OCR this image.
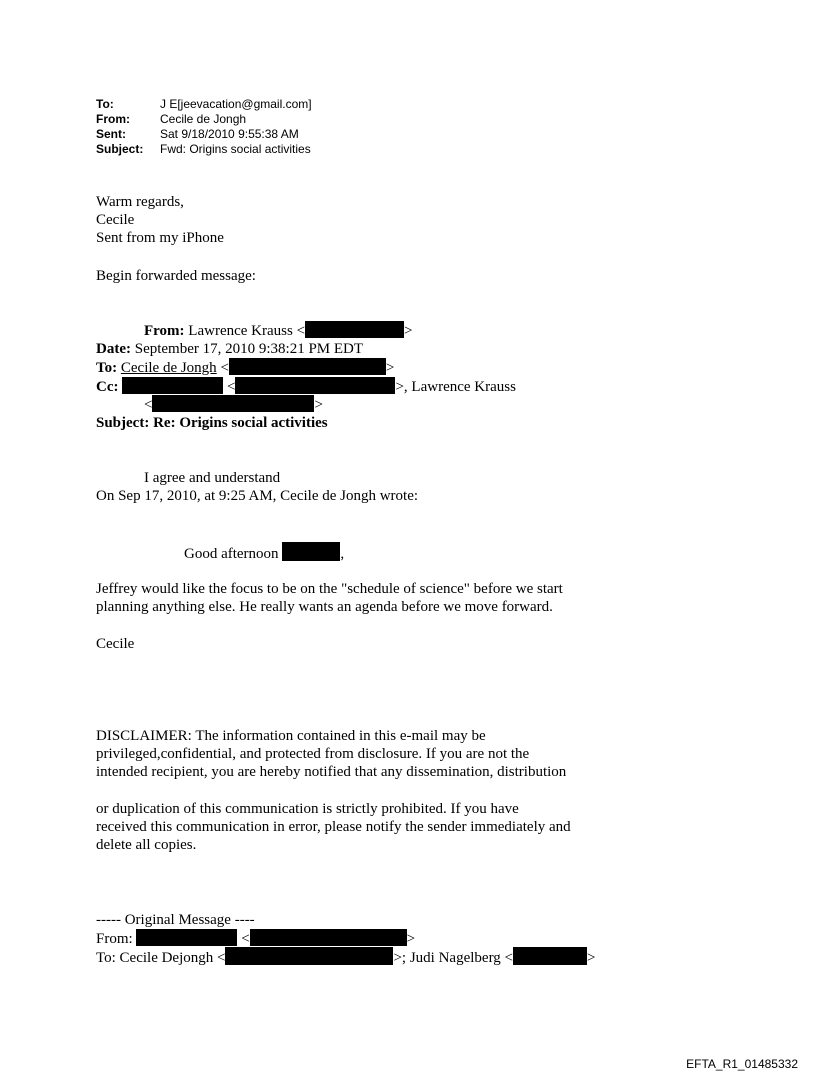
To:	J E[jeevacation@gmail.com]
From:	Cecile de Jongh
Sent:	Sat 9/18/2010 9:55:38 AM
Subject: Fwd: Origins social activities
Warm regards,
Cecile
Sent from my iPhone
Begin forwarded message:
From: Lawrence Krauss <	>
Date: September 17, 2010 9:38:21 PM EDT
To: Cecile de Jongh <	>
Cc:	<	>, Lawrence Krauss
<	>
Subject: Re: Origins social activities
I agree and understand
On Sep 17, 2010, at 9:25 AM, Cecile de Jongh wrote:
Good afternoon	,
Jeffrey would like the focus to be on the "schedule of science" before we start
planning anything else. He really wants an agenda before we move forward.
Cecile
DISCLAIMER: The information contained in this e-mail may be
privileged,confidential, and protected from disclosure. If you are not the
intended recipient, you are hereby notified that any dissemination, distribution
or duplication of this communication is strictly prohibited. If you have
received this communication in error, please notify the sender immediately and
delete all copies.
----- Original Message ----
From:	<	>
To: Cecile Dejongh <	>; Judi Nagelberg <	>
EFTA_R1_01485332
